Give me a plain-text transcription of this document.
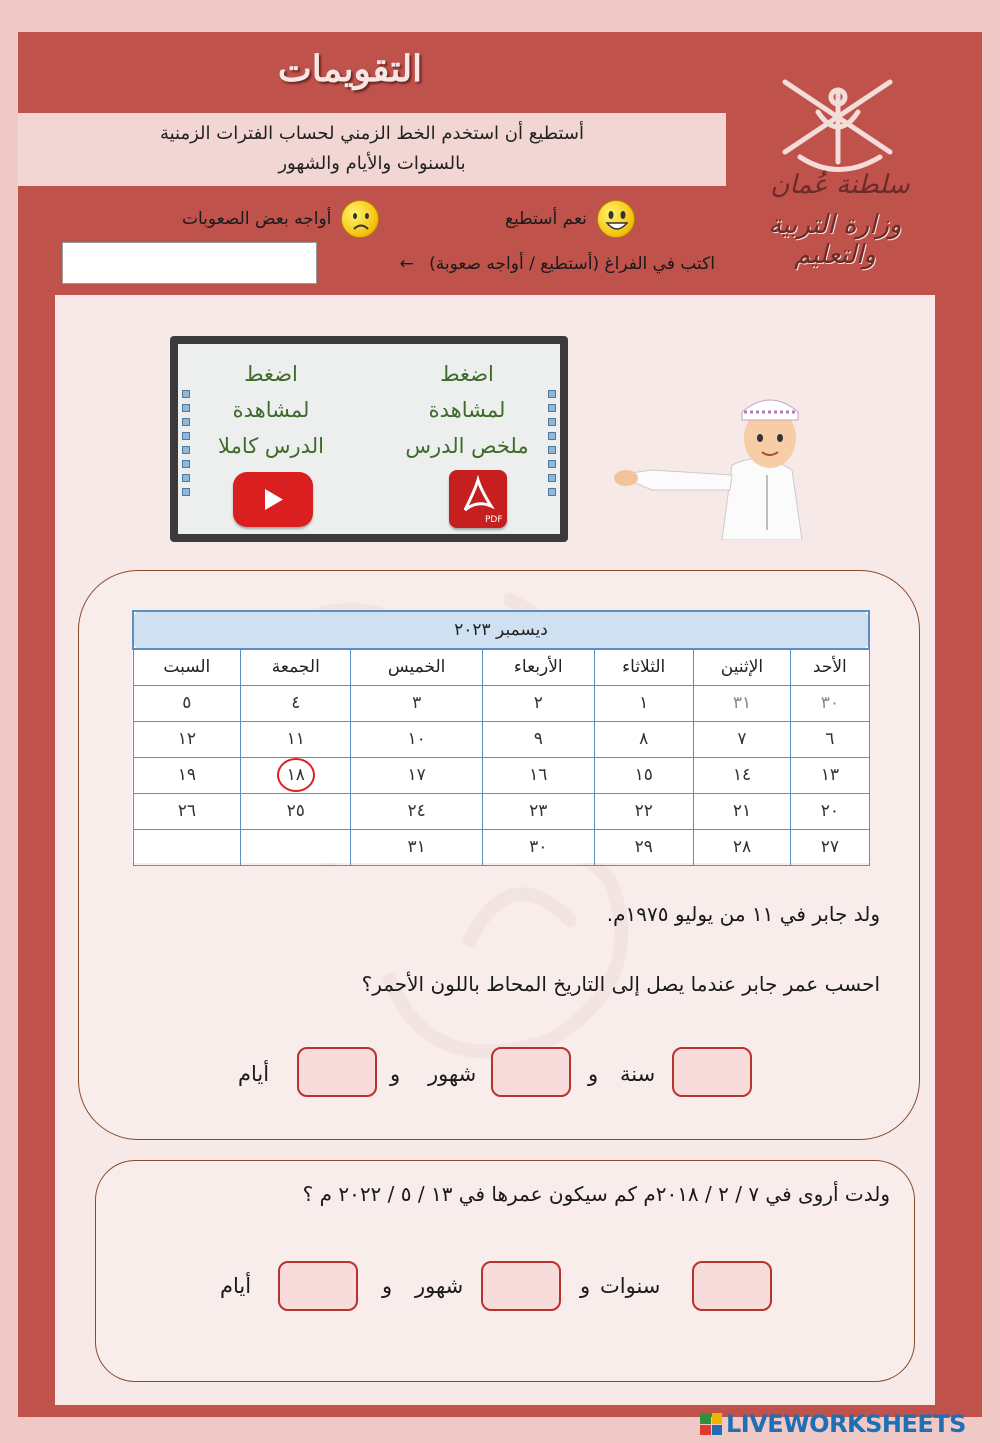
أستطيع أن استخدم الخط الزمني لحساب الفترات الزمنية
بالسنوات والأيام والشهور
التقويمات
سلطنة عُمان
وزارة التربية والتعليم
نعم أستطيع
أواجه بعض الصعوبات
اكتب في الفراغ (أستطيع / أواجه صعوبة) ←
اضغط
لمشاهدة
ملخص الدرس
اضغط
لمشاهدة
الدرس كاملا
PDF
ديسمبر ٢٠٢٣						
الأحد	الإثنين	الثلاثاء	الأربعاء	الخميس	الجمعة	السبت
٣٠	٣١	١	٢	٣	٤	٥
٦	٧	٨	٩	١٠	١١	١٢
١٣	١٤	١٥	١٦	١٧	١٨	١٩
٢٠	٢١	٢٢	٢٣	٢٤	٢٥	٢٦
٢٧	٢٨	٢٩	٣٠	٣١		
ولد جابر في ١١ من يوليو ١٩٧٥م.
احسب عمر جابر عندما يصل إلى التاريخ المحاط باللون الأحمر؟
سنة
و
شهور
و
أيام
ولدت أروى في ٧ / ٢ / ٢٠١٨م كم سيكون عمرها في ١٣ / ٥ / ٢٠٢٢ م ؟
سنوات
و
شهور
و
أيام
LIVEWORKSHEETS
